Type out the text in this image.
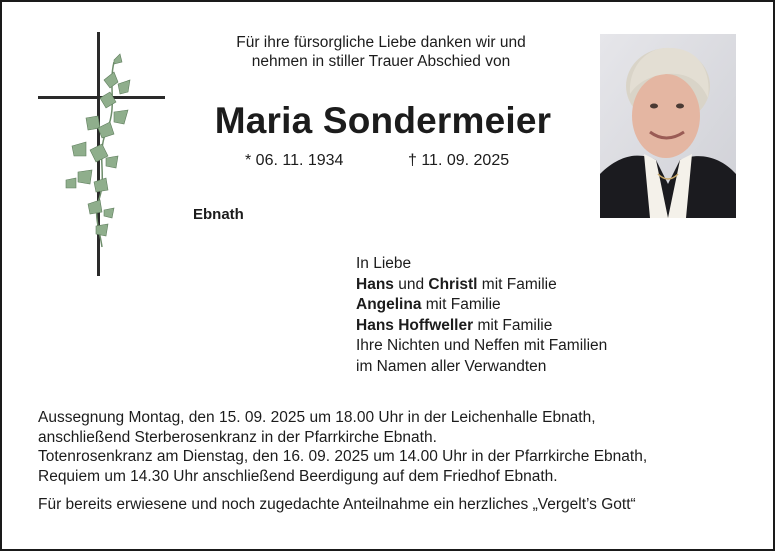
Für ihre fürsorgliche Liebe danken wir und
nehmen in stiller Trauer Abschied von
Maria Sondermeier
* 06. 11. 1934	† 11. 09. 2025
Ebnath
In Liebe
Hans und Christl mit Familie
Angelina mit Familie
Hans Hoffweller mit Familie
Ihre Nichten und Neffen mit Familien
im Namen aller Verwandten

Aussegnung Montag, den 15. 09. 2025 um 18.00 Uhr in der Leichenhalle Ebnath,

anschließend Sterberosenkranz in der Pfarrkirche Ebnath.

Totenrosenkranz am Dienstag, den 16. 09. 2025 um 14.00 Uhr in der Pfarrkirche Ebnath,

Requiem um 14.30 Uhr anschließend Beerdigung auf dem Friedhof Ebnath.

Für bereits erwiesene und noch zugedachte Anteilnahme ein herzliches „Vergelt’s Gott“
